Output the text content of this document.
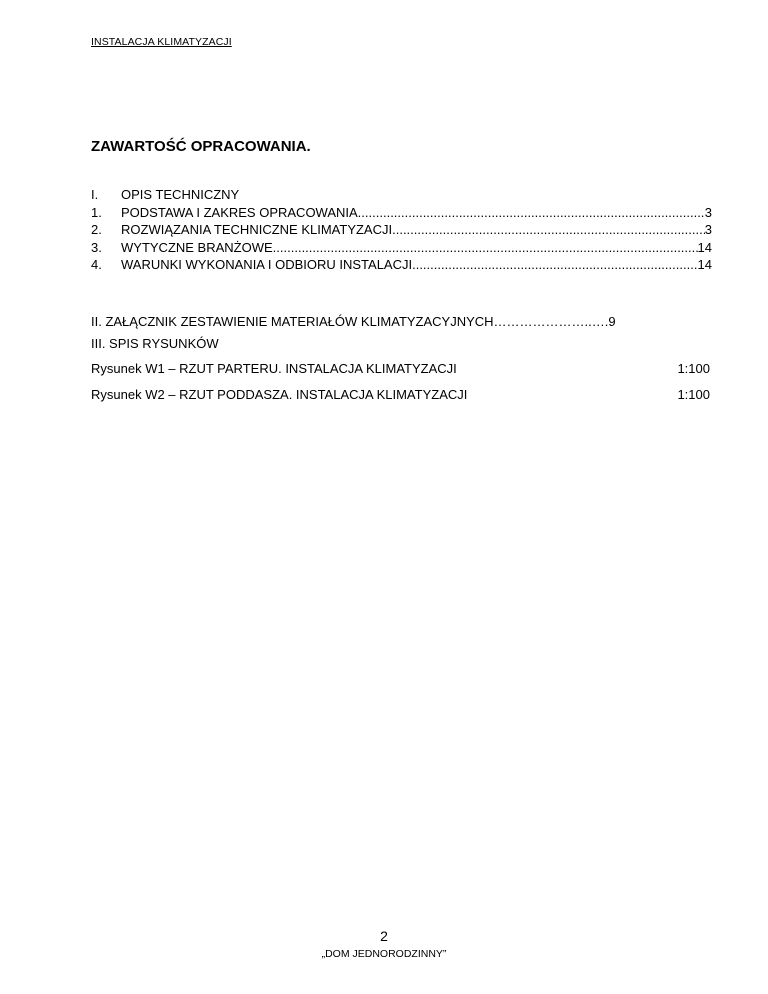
INSTALACJA KLIMATYZACJI
ZAWARTOŚĆ OPRACOWANIA.
I.	OPIS TECHNICZNY
1.	PODSTAWA I ZAKRES OPRACOWANIA. .....	3
2.	ROZWIĄZANIA TECHNICZNE KLIMATYZACJI. .....	3
3.	WYTYCZNE BRANŻOWE .....	14
4.	WARUNKI WYKONANIA I ODBIORU INSTALACJI. .....	14
II. ZAŁĄCZNIK ZESTAWIENIE MATERIAŁÓW KLIMATYZACYJNYCH…………………..….9
III. SPIS RYSUNKÓW
Rysunek W1 – RZUT PARTERU. INSTALACJA KLIMATYZACJI	1:100
Rysunek W2 – RZUT PODDASZA. INSTALACJA KLIMATYZACJI	1:100
2
„DOM JEDNORODZINNY”
